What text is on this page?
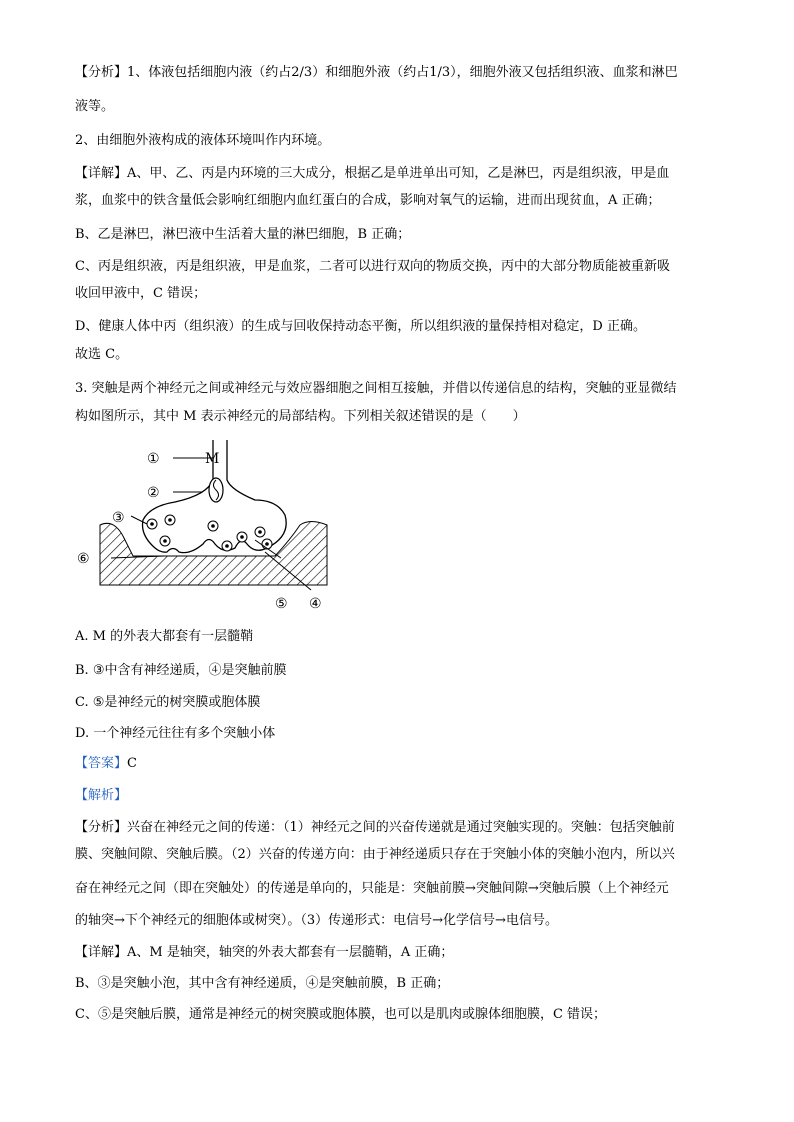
【分析】1、体液包括细胞内液（约占2/3）和细胞外液（约占1/3），细胞外液又包括组织液、血浆和淋巴
液等。
2、由细胞外液构成的液体环境叫作内环境。
【详解】A、甲、乙、丙是内环境的三大成分，根据乙是单进单出可知，乙是淋巴，丙是组织液，甲是血
浆，血浆中的铁含量低会影响红细胞内血红蛋白的合成，影响对氧气的运输，进而出现贫血，A 正确；
B、乙是淋巴，淋巴液中生活着大量的淋巴细胞，B 正确；
C、丙是组织液，丙是组织液，甲是血浆，二者可以进行双向的物质交换，丙中的大部分物质能被重新吸
收回甲液中，C 错误；
D、健康人体中丙（组织液）的生成与回收保持动态平衡，所以组织液的量保持相对稳定，D 正确。
故选 C。
3. 突触是两个神经元之间或神经元与效应器细胞之间相互接触，并借以传递信息的结构，突触的亚显微结
构如图所示，其中 M 表示神经元的局部结构。下列相关叙述错误的是（　　）
①	M
②
③
⑥
⑤ ④
A. M 的外表大都套有一层髓鞘
B. ③中含有神经递质，④是突触前膜
C. ⑤是神经元的树突膜或胞体膜
D. 一个神经元往往有多个突触小体
【答案】C
【解析】
【分析】兴奋在神经元之间的传递：（1）神经元之间的兴奋传递就是通过突触实现的。突触：包括突触前
膜、突触间隙、突触后膜。（2）兴奋的传递方向：由于神经递质只存在于突触小体的突触小泡内，所以兴
奋在神经元之间（即在突触处）的传递是单向的，只能是：突触前膜→突触间隙→突触后膜（上个神经元
的轴突→下个神经元的细胞体或树突）。（3）传递形式：电信号→化学信号→电信号。
【详解】A、M 是轴突，轴突的外表大都套有一层髓鞘，A 正确；
B、③是突触小泡，其中含有神经递质，④是突触前膜，B 正确；
C、⑤是突触后膜，通常是神经元的树突膜或胞体膜，也可以是肌肉或腺体细胞膜，C 错误；
